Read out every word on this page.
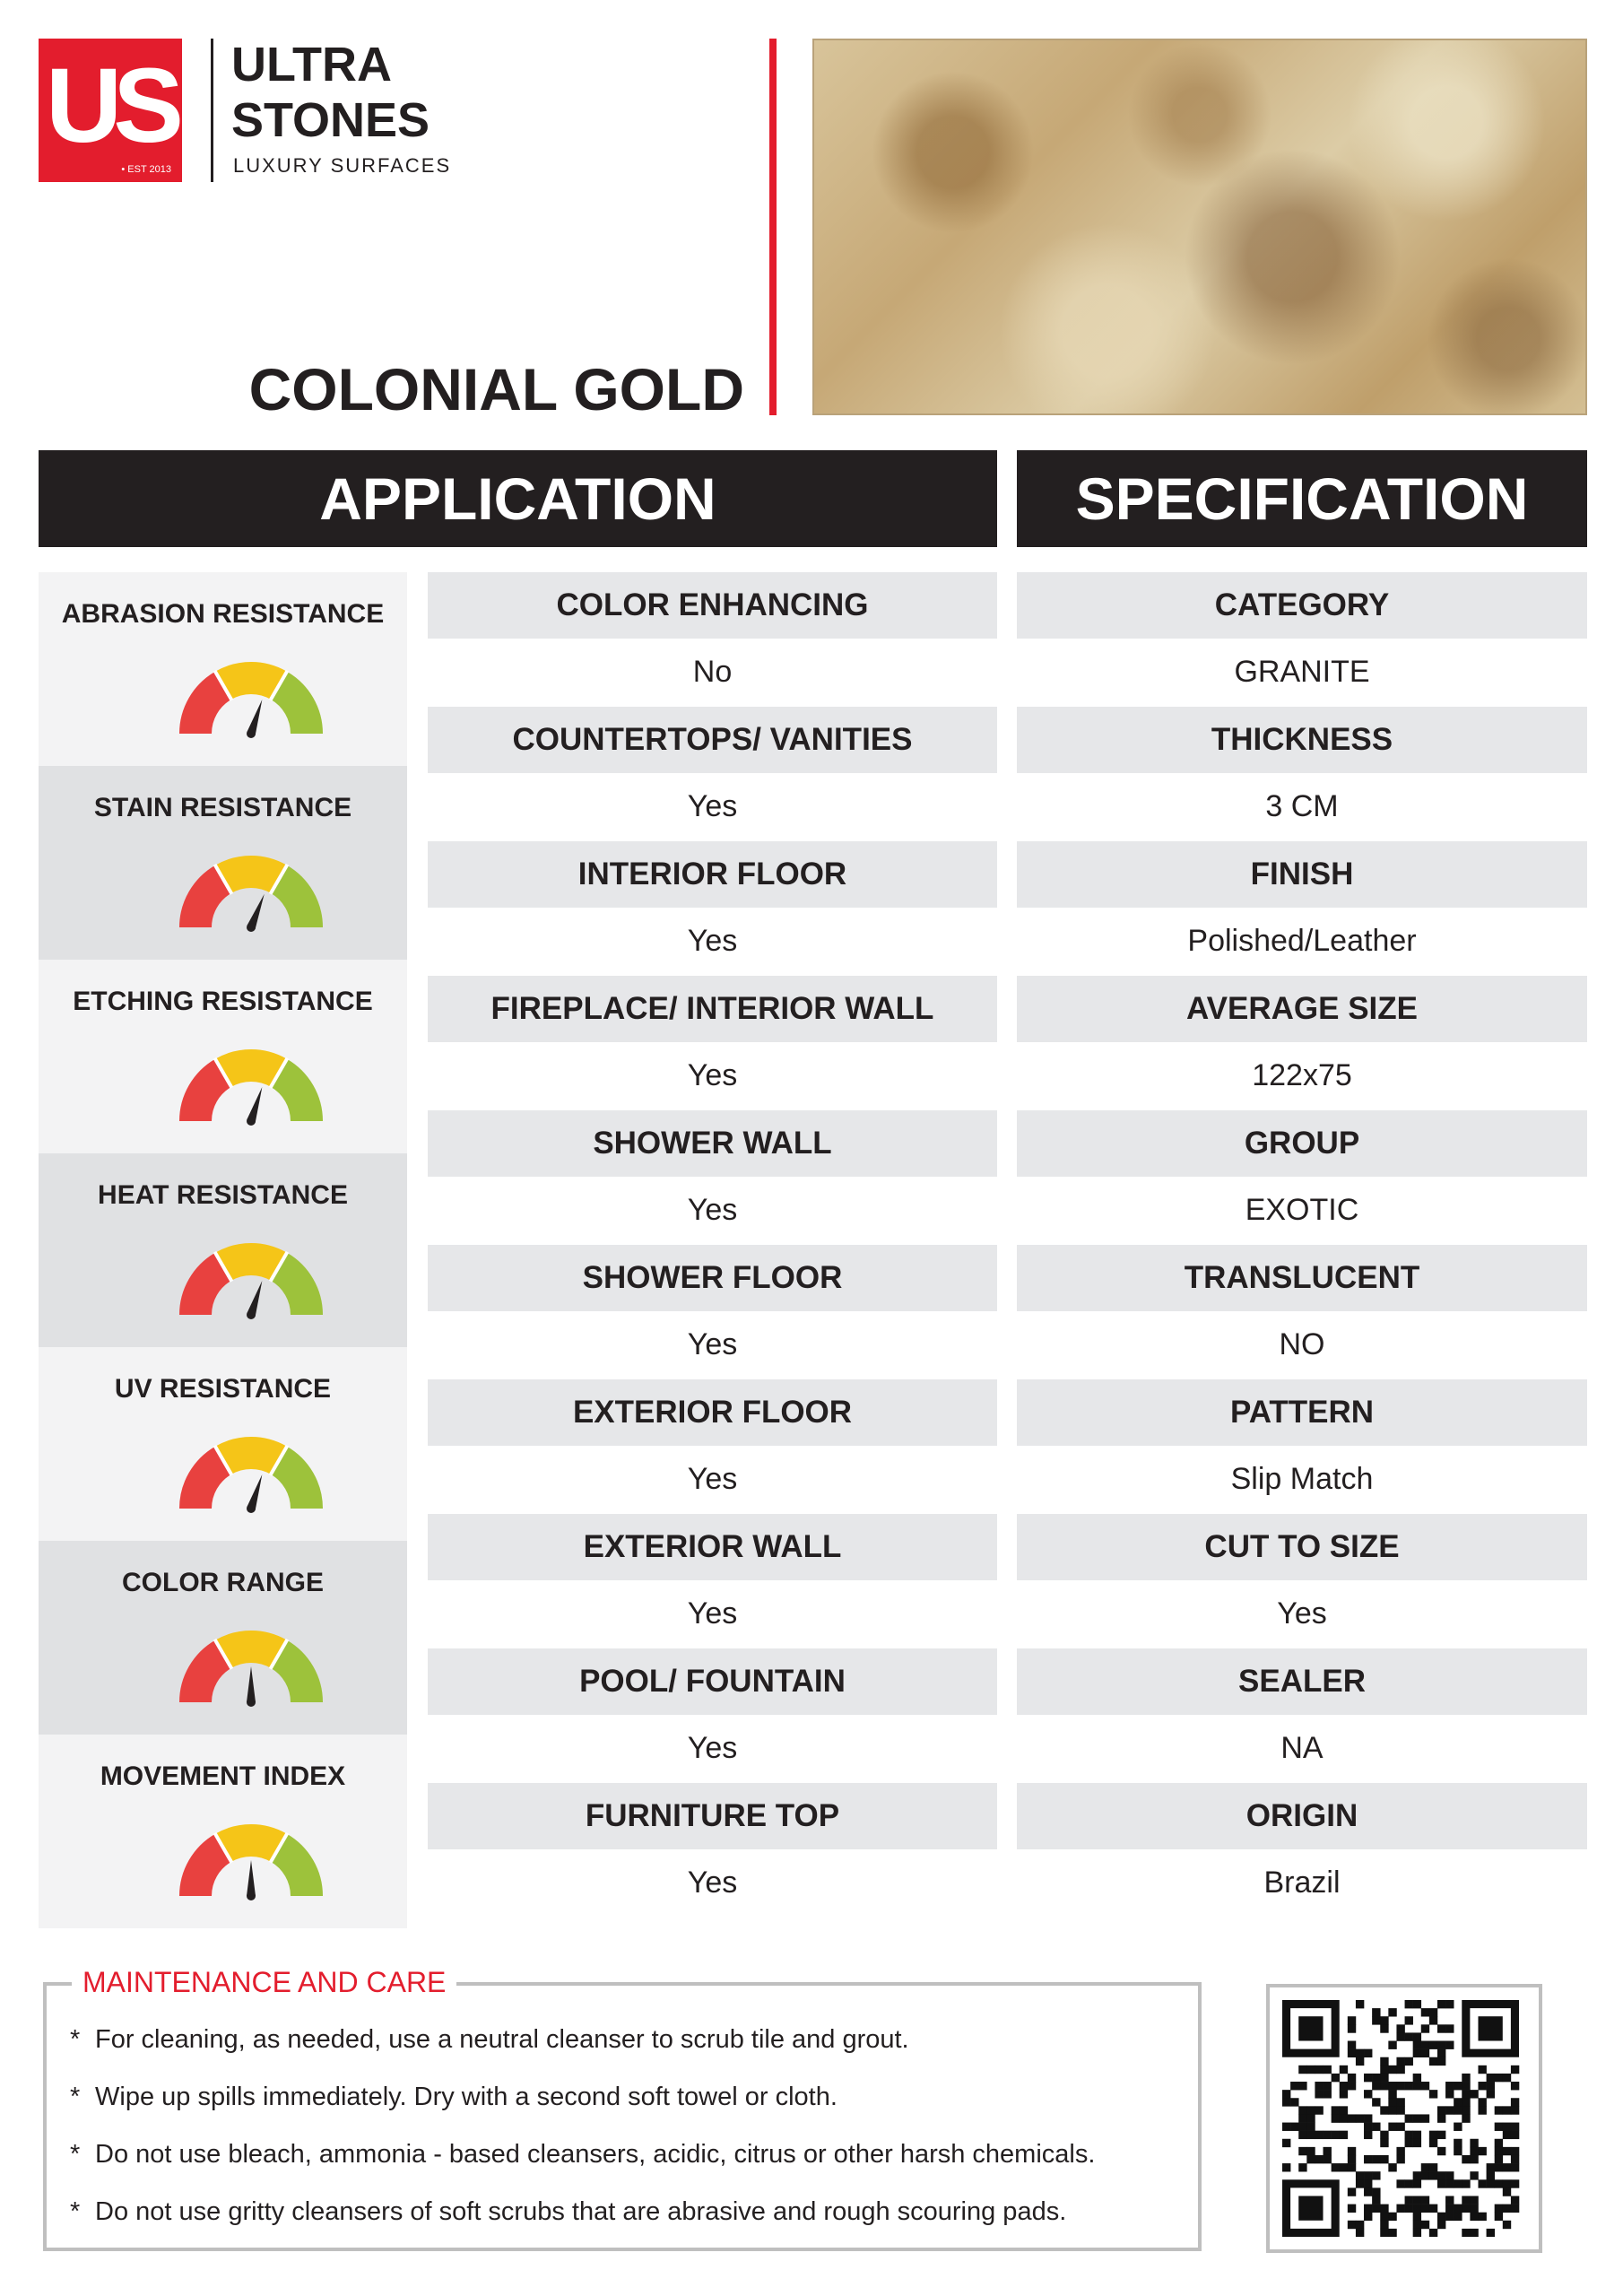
US
• EST 2013
ULTRA
STONES
LUXURY SURFACES
COLONIAL GOLD
APPLICATION	SPECIFICATION
ABRASION RESISTANCE
STAIN RESISTANCE
ETCHING RESISTANCE
HEAT RESISTANCE
UV RESISTANCE
COLOR RANGE
MOVEMENT INDEX
COLOR ENHANCING
No
COUNTERTOPS/ VANITIES
Yes
INTERIOR FLOOR
Yes
FIREPLACE/ INTERIOR WALL
Yes
SHOWER WALL
Yes
SHOWER FLOOR
Yes
EXTERIOR FLOOR
Yes
EXTERIOR WALL
Yes
POOL/ FOUNTAIN
Yes
FURNITURE TOP
Yes
CATEGORY
GRANITE
THICKNESS
3 CM
FINISH
Polished/Leather
AVERAGE SIZE
122x75
GROUP
EXOTIC
TRANSLUCENT
NO
PATTERN
Slip Match
CUT TO SIZE
Yes
SEALER
NA
ORIGIN
Brazil
MAINTENANCE AND CARE
* For cleaning, as needed, use a neutral cleanser to scrub tile and grout.
* Wipe up spills immediately. Dry with a second soft towel or cloth.
* Do not use bleach, ammonia - based cleansers, acidic, citrus or other harsh chemicals.
* Do not use gritty cleansers of soft scrubs that are abrasive and rough scouring pads.
